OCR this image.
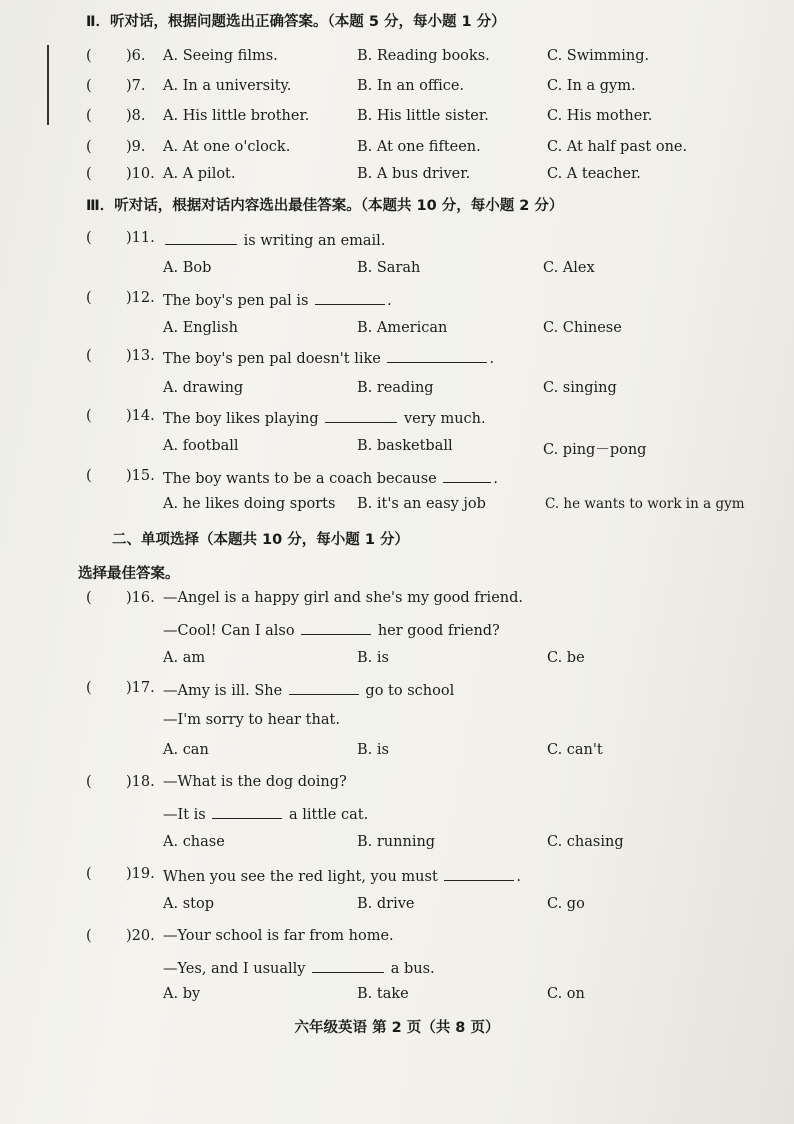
Ⅱ．听对话，根据问题选出正确答案。（本题 5 分，每小题 1 分）
( )6. A. Seeing films.	B. Reading books.	C. Swimming.
( )7. A. In a university.	B. In an office.	C. In a gym.
( )8. A. His little brother.	B. His little sister.	C. His mother.
( )9. A. At one o'clock.	B. At one fifteen.	C. At half past one.
( )10. A. A pilot.	B. A bus driver.	C. A teacher.
Ⅲ．听对话，根据对话内容选出最佳答案。（本题共 10 分，每小题 2 分）
( )11.	is writing an email.
A. Bob	B. Sarah	C. Alex
( )12. The boy's pen pal is	.
A. English	B. American	C. Chinese
( )13. The boy's pen pal doesn't like	.
A. drawing	B. reading	C. singing
( )14. The boy likes playing	very much.
A. football	B. basketball	C. ping－pong
( )15. The boy wants to be a coach because	.
A. he likes doing sports B. it's an easy job	C. he wants to work in a gym
二、单项选择（本题共 10 分，每小题 1 分）
选择最佳答案。
( )16. —Angel is a happy girl and she's my good friend.
—Cool! Can I also	her good friend?
A. am	B. is	C. be
( )17. —Amy is ill. She	go to school
—I'm sorry to hear that.
A. can	B. is	C. can't
( )18. —What is the dog doing?
—It is	a little cat.
A. chase	B. running	C. chasing
( )19. When you see the red light, you must	.
A. stop	B. drive	C. go
( )20. —Your school is far from home.
—Yes, and I usually	a bus.
A. by	B. take	C. on
六年级英语 第 2 页（共 8 页）
